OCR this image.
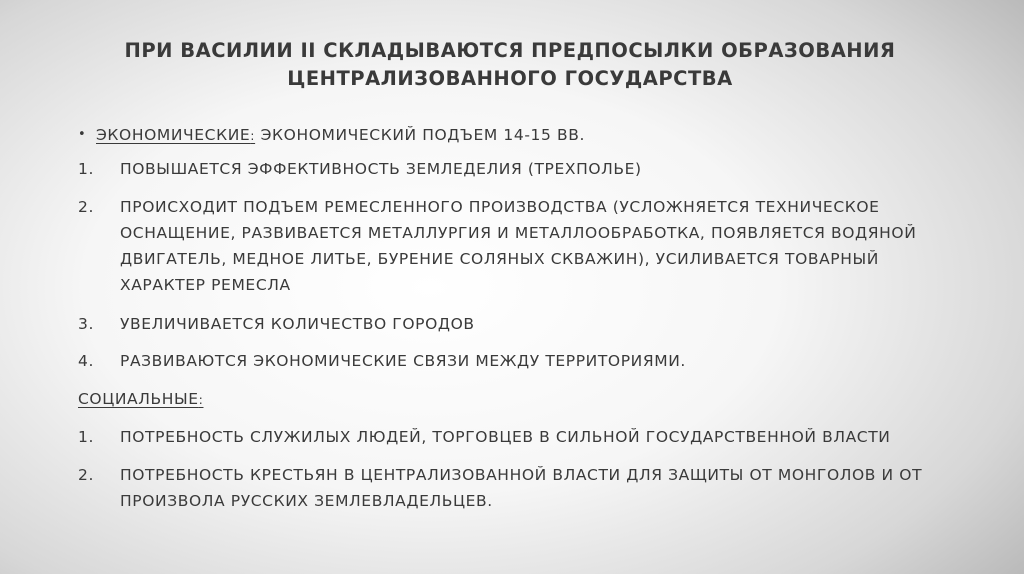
ПРИ ВАСИЛИИ II СКЛАДЫВАЮТСЯ ПРЕДПОСЫЛКИ ОБРАЗОВАНИЯ
ЦЕНТРАЛИЗОВАННОГО ГОСУДАРСТВА
• ЭКОНОМИЧЕСКИЕ: ЭКОНОМИЧЕСКИЙ ПОДЪЕМ 14-15 ВВ.
1.	ПОВЫШАЕТСЯ ЭФФЕКТИВНОСТЬ ЗЕМЛЕДЕЛИЯ (ТРЕХПОЛЬЕ)
2.	ПРОИСХОДИТ ПОДЪЕМ РЕМЕСЛЕННОГО ПРОИЗВОДСТВА (УСЛОЖНЯЕТСЯ ТЕХНИЧЕСКОЕ
ОСНАЩЕНИЕ, РАЗВИВАЕТСЯ МЕТАЛЛУРГИЯ И МЕТАЛЛООБРАБОТКА, ПОЯВЛЯЕТСЯ ВОДЯНОЙ
ДВИГАТЕЛЬ, МЕДНОЕ ЛИТЬЕ, БУРЕНИЕ СОЛЯНЫХ СКВАЖИН), УСИЛИВАЕТСЯ ТОВАРНЫЙ
ХАРАКТЕР РЕМЕСЛА
3.	УВЕЛИЧИВАЕТСЯ КОЛИЧЕСТВО ГОРОДОВ
4.	РАЗВИВАЮТСЯ ЭКОНОМИЧЕСКИЕ СВЯЗИ МЕЖДУ ТЕРРИТОРИЯМИ.
СОЦИАЛЬНЫЕ:
1.	ПОТРЕБНОСТЬ СЛУЖИЛЫХ ЛЮДЕЙ, ТОРГОВЦЕВ В СИЛЬНОЙ ГОСУДАРСТВЕННОЙ ВЛАСТИ
2.	ПОТРЕБНОСТЬ КРЕСТЬЯН В ЦЕНТРАЛИЗОВАННОЙ ВЛАСТИ ДЛЯ ЗАЩИТЫ ОТ МОНГОЛОВ И ОТ
ПРОИЗВОЛА РУССКИХ ЗЕМЛЕВЛАДЕЛЬЦЕВ.
